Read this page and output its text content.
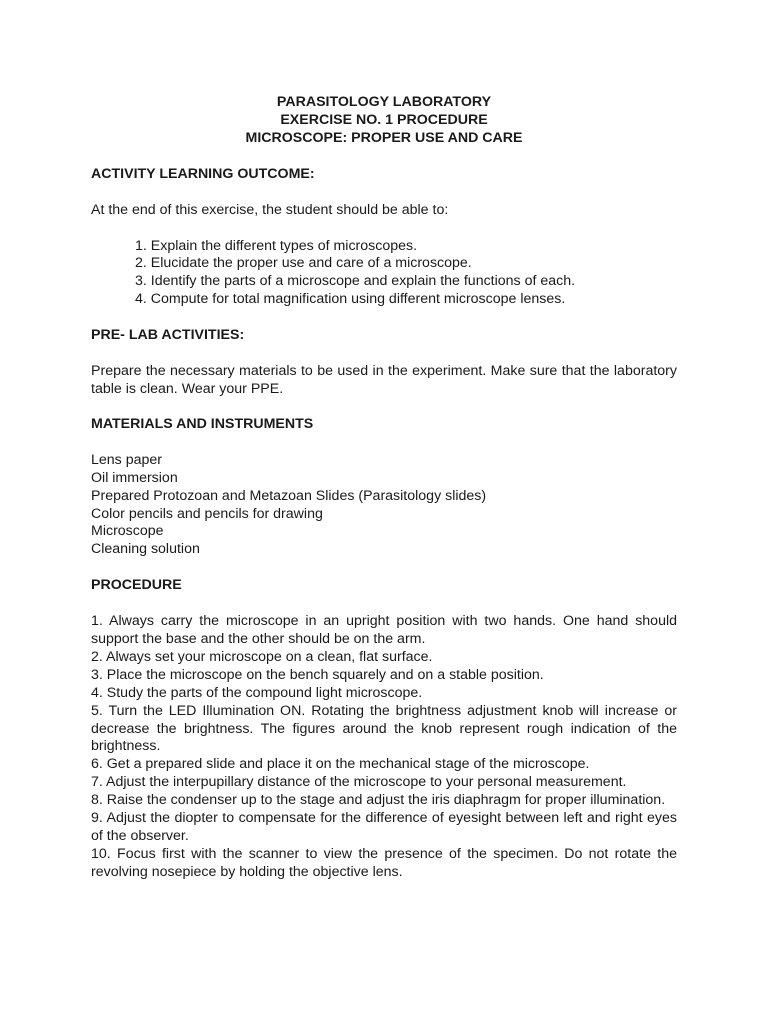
PARASITOLOGY LABORATORY
EXERCISE NO. 1 PROCEDURE
MICROSCOPE: PROPER USE AND CARE
ACTIVITY LEARNING OUTCOME:

At the end of this exercise, the student should be able to:

1. Explain the different types of microscopes.
2. Elucidate the proper use and care of a microscope.
3. Identify the parts of a microscope and explain the functions of each.
4. Compute for total magnification using different microscope lenses.
PRE- LAB ACTIVITIES:

Prepare the necessary materials to be used in the experiment. Make sure that the laboratory table is clean. Wear your PPE.

MATERIALS AND INSTRUMENTS
Lens paper
Oil immersion
Prepared Protozoan and Metazoan Slides (Parasitology slides)
Color pencils and pencils for drawing
Microscope
Cleaning solution
PROCEDURE

1. Always carry the microscope in an upright position with two hands. One hand should support the base and the other should be on the arm.

2. Always set your microscope on a clean, flat surface.

3. Place the microscope on the bench squarely and on a stable position.

4. Study the parts of the compound light microscope.

5. Turn the LED Illumination ON. Rotating the brightness adjustment knob will increase or decrease the brightness. The figures around the knob represent rough indication of the brightness.

6. Get a prepared slide and place it on the mechanical stage of the microscope.

7. Adjust the interpupillary distance of the microscope to your personal measurement.

8. Raise the condenser up to the stage and adjust the iris diaphragm for proper illumination.

9. Adjust the diopter to compensate for the difference of eyesight between left and right eyes of the observer.

10. Focus first with the scanner to view the presence of the specimen. Do not rotate the revolving nosepiece by holding the objective lens.
